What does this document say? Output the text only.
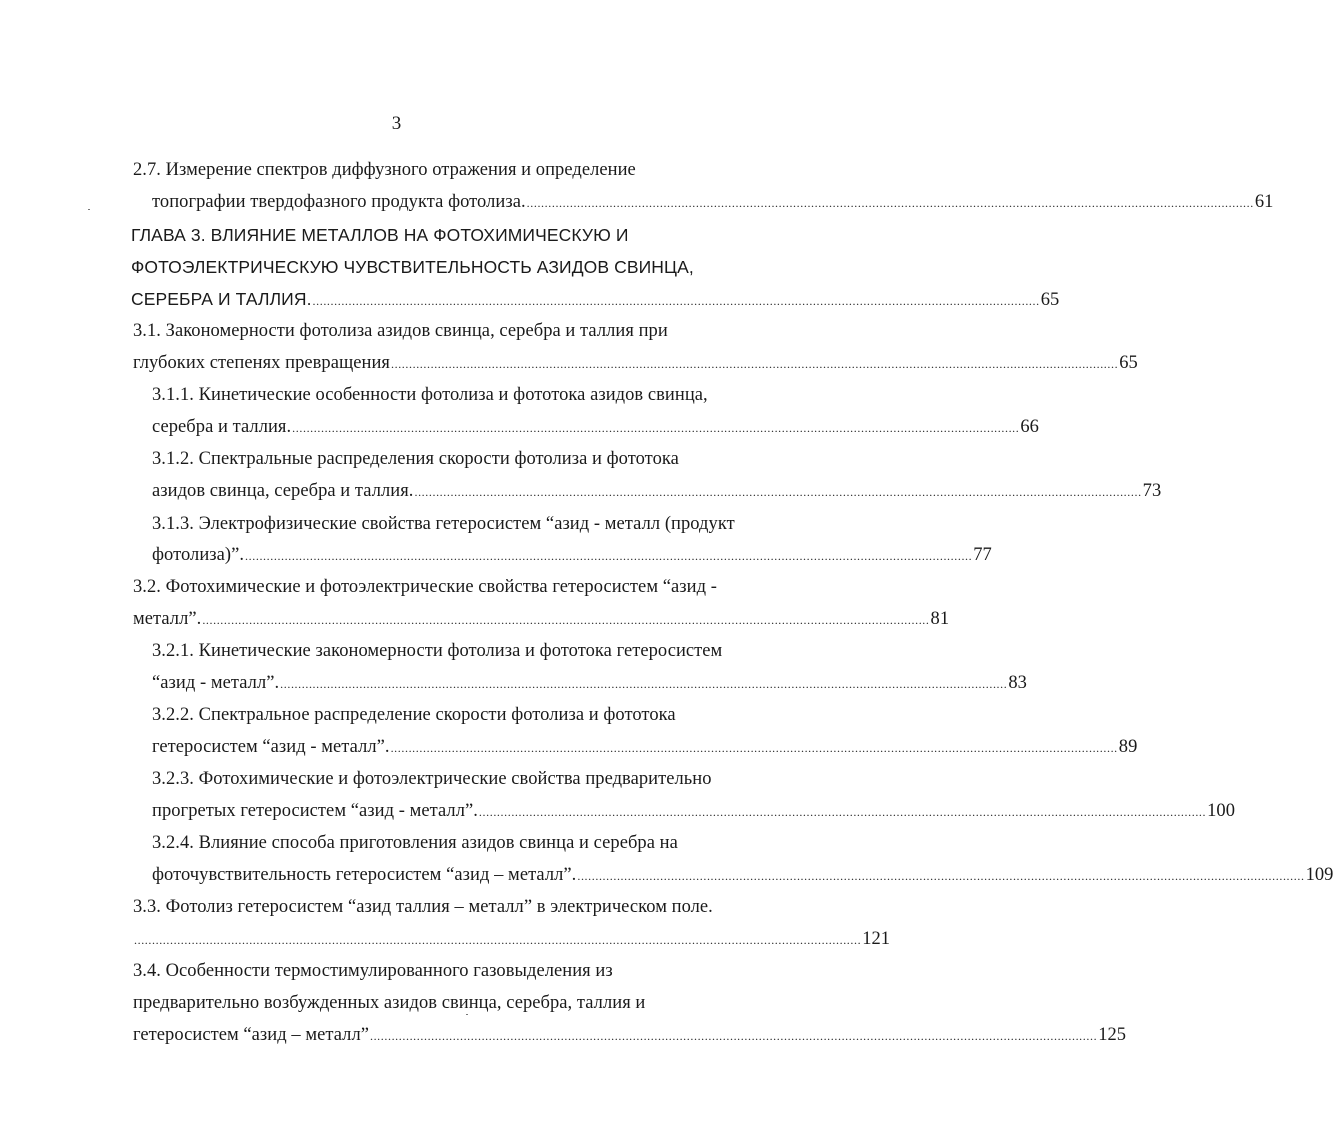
3
2.7. Измерение спектров диффузного отражения и определение
топографии твердофазного продукта фотолиза. .......................................................................................................................................................................................................... 61
ГЛАВА 3. ВЛИЯНИЕ МЕТАЛЛОВ НА ФОТОХИМИЧЕСКУЮ И
ФОТОЭЛЕКТРИЧЕСКУЮ ЧУВСТВИТЕЛЬНОСТЬ АЗИДОВ СВИНЦА,
СЕРЕБРА И ТАЛЛИЯ. .......................................................................................................................................................................................................... 65
3.1. Закономерности фотолиза азидов свинца, серебра и таллия при
глубоких степенях превращения .......................................................................................................................................................................................................... 65
3.1.1. Кинетические особенности фотолиза и фототока азидов свинца,
серебра и таллия. .......................................................................................................................................................................................................... 66
3.1.2. Спектральные распределения скорости фотолиза и фототока
азидов свинца, серебра и таллия. .......................................................................................................................................................................................................... 73
3.1.3. Электрофизические свойства гетеросистем “азид - металл (продукт
фотолиза)”. .......................................................................................................................................................................................................... 77
3.2. Фотохимические и фотоэлектрические свойства гетеросистем “азид -
металл”. .......................................................................................................................................................................................................... 81
3.2.1. Кинетические закономерности фотолиза и фототока гетеросистем
“азид - металл”. .......................................................................................................................................................................................................... 83
3.2.2. Спектральное распределение скорости фотолиза и фототока
гетеросистем “азид - металл”. .......................................................................................................................................................................................................... 89
3.2.3. Фотохимические и фотоэлектрические свойства предварительно
прогретых гетеросистем “азид - металл”. .......................................................................................................................................................................................................... 100
3.2.4. Влияние способа приготовления азидов свинца и серебра на
фоточувствительность гетеросистем “азид – металл”. .......................................................................................................................................................................................................... 109
3.3. Фотолиз гетеросистем “азид таллия – металл” в электрическом поле.
.......................................................................................................................................................................................................... 121
3.4. Особенности термостимулированного газовыделения из
предварительно возбужденных азидов свинца, серебра, таллия и
гетеросистем “азид – металл” .......................................................................................................................................................................................................... 125
